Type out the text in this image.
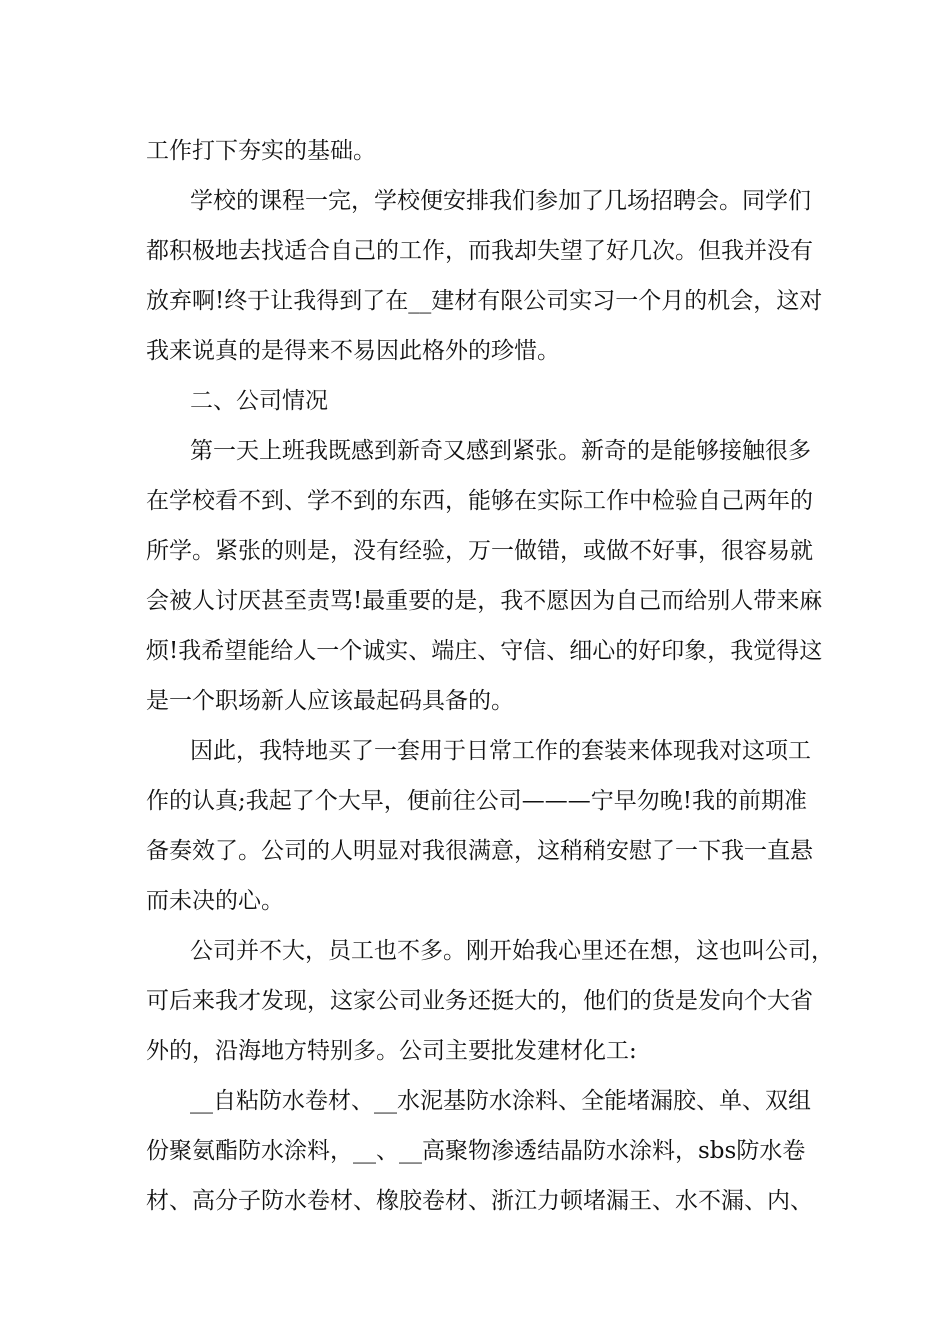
工作打下夯实的基础。
学校的课程一完，学校便安排我们参加了几场招聘会。同学们
都积极地去找适合自己的工作，而我却失望了好几次。但我并没有
放弃啊!终于让我得到了在__建材有限公司实习一个月的机会，这对
我来说真的是得来不易因此格外的珍惜。
二、公司情况
第一天上班我既感到新奇又感到紧张。新奇的是能够接触很多
在学校看不到、学不到的东西，能够在实际工作中检验自己两年的
所学。紧张的则是，没有经验，万一做错，或做不好事，很容易就
会被人讨厌甚至责骂!最重要的是，我不愿因为自己而给别人带来麻
烦!我希望能给人一个诚实、端庄、守信、细心的好印象，我觉得这
是一个职场新人应该最起码具备的。
因此，我特地买了一套用于日常工作的套装来体现我对这项工
作的认真;我起了个大早，便前往公司———宁早勿晚!我的前期准
备奏效了。公司的人明显对我很满意，这稍稍安慰了一下我一直悬
而未决的心。
公司并不大，员工也不多。刚开始我心里还在想，这也叫公司，
可后来我才发现，这家公司业务还挺大的，他们的货是发向个大省
外的，沿海地方特别多。公司主要批发建材化工:
__自粘防水卷材、__水泥基防水涂料、全能堵漏胶、单、双组
份聚氨酯防水涂料，__、__高聚物渗透结晶防水涂料，sbs防水卷
材、高分子防水卷材、橡胶卷材、浙江力顿堵漏王、水不漏、内、
